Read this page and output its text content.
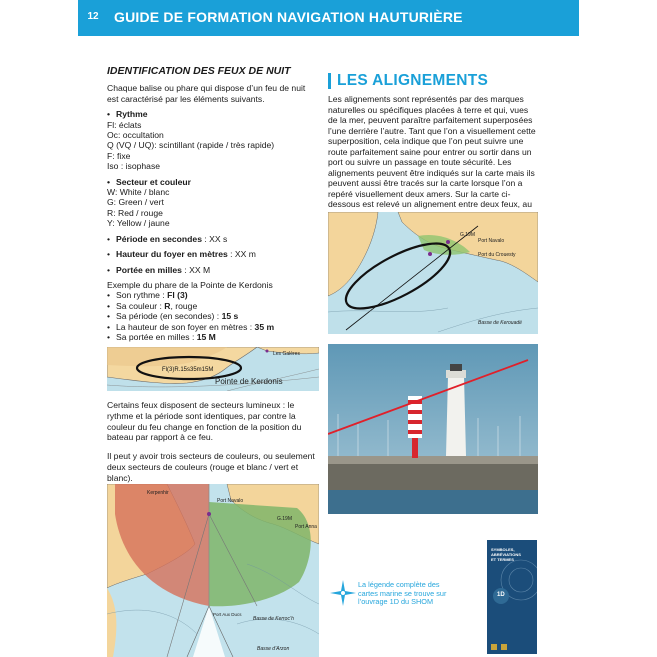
12	GUIDE DE FORMATION NAVIGATION HAUTURIÈRE
IDENTIFICATION DES FEUX DE NUIT
Chaque balise ou phare qui dispose d’un feu de nuit est caractérisé par les éléments suivants.
• Rythme
Fl: éclats
Oc: occultation
Q (VQ / UQ): scintillant (rapide / très rapide)
F: fixe
Iso : isophase
• Secteur et couleur
W: White / blanc
G: Green / vert
R: Red / rouge
Y: Yellow / jaune
• Période en secondes : XX s
• Hauteur du foyer en mètres : XX m
• Portée en milles : XX M
Exemple du phare de la Pointe de Kerdonis
• Son rythme : Fl (3)
• Sa couleur : R, rouge
• Sa période (en secondes) : 15 s
• La hauteur de son foyer en mètres : 35 m
• Sa portée en milles : 15 M
Fl(3)R.15s35m15M
Pointe de Kerdonis
Les Galères
Certains feux disposent de secteurs lumineux : le rythme et la période sont identiques, par contre la couleur du feu change en fonction de la position du bateau par rapport à ce feu.
Il peut y avoir trois secteurs de couleurs, ou seulement deux secteurs de couleurs (rouge et blanc / vert et blanc).
Kerpenhir
Port Navalo
G.19M
Port Anna
Basse de Kerroc’h
Port Aux Ducs
Basse d’Arzon
LES ALIGNEMENTS
Les alignements sont représentés par des marques naturelles ou spécifiques placées à terre et qui, vues de la mer, peuvent paraître parfaitement superposées l’une derrière l’autre. Tant que l’on a visuellement cette superposition, cela indique que l’on peut suivre une route parfaitement saine pour entrer ou sortir dans un port ou suivre un passage en toute sécurité. Les alignements peuvent être indiqués sur la carte mais ils peuvent aussi être tracés sur la carte lorsque l’on a repéré visuellement deux amers. Sur la carte ci-dessous est relevé un alignement entre deux feux, au
Port Navalo
Port du Crouesty
G.19M
Basse de Kerouadé
La légende complète des cartes marine se trouve sur l’ouvrage 1D du SHOM
SYMBOLES,
ABRÉVIATIONS
ET TERMES
1D
